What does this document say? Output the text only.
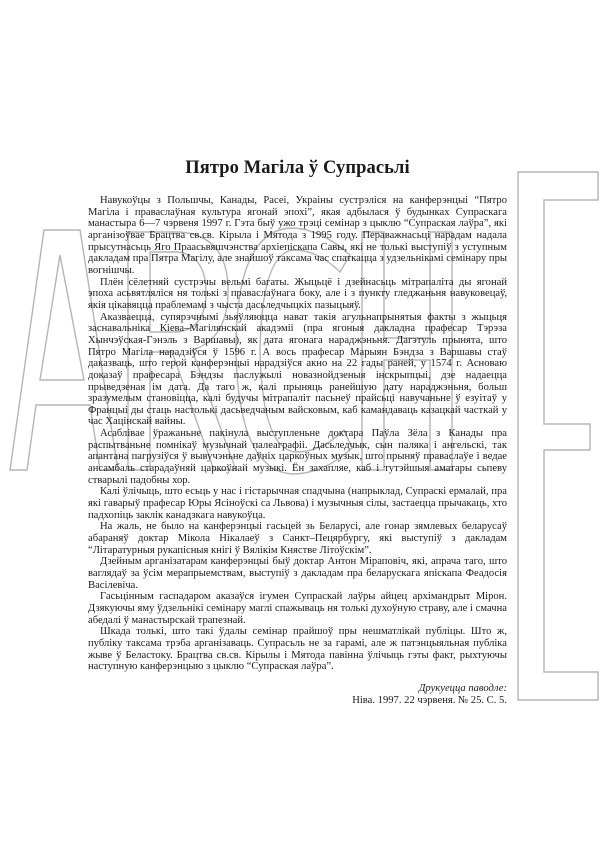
Пятро Магіла ў Супрасьлі

Навукоўцы з Польшчы, Канады, Расеі, Украіны сустрэліся на канферэнцыі “Пятро Магіла і праваслаўная культура ягонай эпохі”, якая адбылася ў будынках Супраскага манастыра 6—7 чэрвеня 1997 г. Гэта быў ужо трэці семінар з цыклю “Супраская лаўра”, які арганізоўвае Брацтва св.св. Кірыла і Мятода з 1995 году. Пераважнасьці нарадам надала прысутнасьць Яго Праасьвяшчэнства архіепіскапа Савы, які не толькі выступіў з уступным дакладам пра Пятра Магілу, але знайшоў таксама час спаткацца з удзельнікамі семінару пры вогнішчы.

Плён сёлетняй сустрэчы вельмі багаты. Жыцьцё і дзейнасьць мітрапаліта ды ягонай эпоха асьвятляліся ня толькі з праваслаўнага боку, але і з пункту гледжаньня навуковецаў, якія цікавяцца праблемамі з чыста дасьледчыцкіх пазыцыяў.

Аказваецца, супярэчнымі зьяўляюцца нават такія агульнапрынятыя факты з жыцьця заснавальніка Кіева–Магілянскай акадэміі (пра ягоныя дакладна прафесар Тэрэза Хынчэўская-Гэнэль з Варшавы), як дата ягонага нараджэньня. Дагэтуль прынята, што Пятро Магіла нарадзіўся ў 1596 г. А вось прафесар Марыян Бэндза з Варшавы стаў даказваць, што герой канферэнцыі нарадзіўся акно на 22 гады раней, у 1574 г. Асноваю доказаў прафесара Бэндзы паслужылі новазнойдзеныя інскрыпцыі, дзе надаецца прыведзеная ім дата. Да таго ж, калі прыняць ранейшую дату нараджэньня, больш зразумелым становіцца, калі будучы мітрапаліт пасьнеў прайсьці навучаньне ў езуітаў у Францыі ды стаць настолькі дасьведчаным вайсковым, каб камандаваць казацкай часткай у час Хацінскай вайны.

Асаблівае ўражаньне пакінула выступленьне доктара Паўла Зёла з Канады пра распытваньне помнікаў музычнай палеаграфіі. Дасьледчык, сын паляка і ангельскі, так апантана пагрузіўся ў вывучэньне даўніх царкоўных музык, што прыняў праваслаўе і ведае ансамбаль старадаўняй царкоўнай музыкі. Ён захапляе, каб і тутэйшыя аматары сьпеву стварылі падобны хор.

Калі ўлічыць, што есьць у нас і гістарычная спадчына (напрыклад, Супраскі ермалай, пра які гаварыў прафесар Юры Ясіноўскі са Львова) і музычныя сілы, застаецца прычакаць, хто падхопіць заклік канадзкага навукоўца.

На жаль, не было на канферэнцыі гасьцей зь Беларусі, але гонар зямлевых беларусаў абараняў доктар Мікола Нікалаеў з Санкт–Пецярбургу, які выступіў з дакладам “Літаратурныя рукапісныя кнігі ў Вялікім Княстве Літоўскім”.

Дзейным арганізатарам канферэнцыі быў доктар Антон Міраповіч, які, апрача таго, што ваглядаў за ўсім мерапрыемствам, выступіў з дакладам пра беларускага япіскапа Феадосія Васілевіча.

Гасьцінным гаспадаром аказаўся ігумен Супраскай лаўры айцец архімандрыт Мірон. Дзякуючы яму ўдзельнікі семінару маглі спажываць ня толькі духоўную страву, але і смачна абедалі ў манастырскай трапезнай.

Шкада толькі, што такі ўдалы семінар прайшоў пры нешматлікай публіцы. Што ж, публіку таксама трэба арганізаваць. Супрасьль не за гарамі, але ж патэнцыяльная публіка жыве ў Беластоку. Брацтва св.св. Кірылы і Мятода павінна ўлічыць гэты факт, рыхтуючы наступную канферэнцыю з цыклю “Супраская лаўра”.

Друкуецца паводле:
Ніва. 1997. 22 чэрвеня. № 25. С. 5.
